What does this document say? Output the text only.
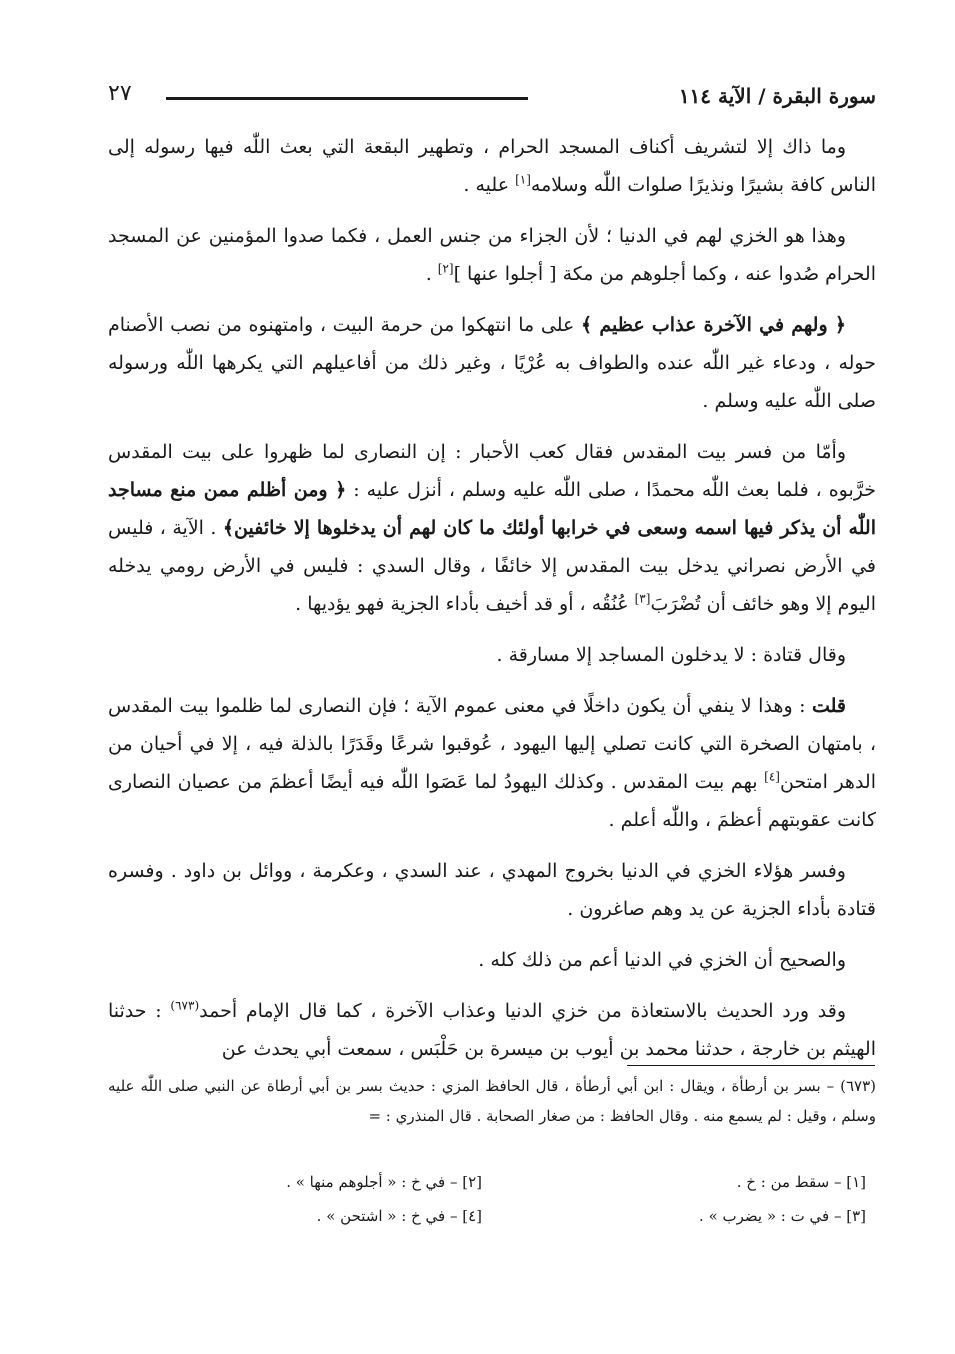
٢٧	سورة البقرة / الآية ١١٤

وما ذاك إلا لتشريف أكناف المسجد الحرام ، وتطهير البقعة التي بعث اللّٰه فيها رسوله إلى الناس كافة بشيرًا ونذيرًا صلوات اللّٰه وسلامه[١] عليه .

وهذا هو الخزي لهم في الدنيا ؛ لأن الجزاء من جنس العمل ، فكما صدوا المؤمنين عن المسجد الحرام صُدوا عنه ، وكما أجلوهم من مكة [ أجلوا عنها ][٢] .

﴿ ولهم في الآخرة عذاب عظيم ﴾ على ما انتهكوا من حرمة البيت ، وامتهنوه من نصب الأصنام حوله ، ودعاء غير اللّٰه عنده والطواف به عُرْيًا ، وغير ذلك من أفاعيلهم التي يكرهها اللّٰه ورسوله صلى اللّٰه عليه وسلم .

وأمّا من فسر بيت المقدس فقال كعب الأحبار : إن النصارى لما ظهروا على بيت المقدس خرَّبوه ، فلما بعث اللّٰه محمدًا ، صلى اللّٰه عليه وسلم ، أنزل عليه : ﴿ ومن أظلم ممن منع مساجد اللّٰه أن يذكر فيها اسمه وسعى في خرابها أولئك ما كان لهم أن يدخلوها إلا خائفين﴾ . الآية ، فليس في الأرض نصراني يدخل بيت المقدس إلا خائفًا ، وقال السدي : فليس في الأرض رومي يدخله اليوم إلا وهو خائف أن تُضْرَبَ[٣] عُنُقُه ، أو قد أخيف بأداء الجزية فهو يؤديها .

وقال قتادة : لا يدخلون المساجد إلا مسارقة .

قلت : وهذا لا ينفي أن يكون داخلًا في معنى عموم الآية ؛ فإن النصارى لما ظلموا بيت المقدس ، بامتهان الصخرة التي كانت تصلي إليها اليهود ، عُوقبوا شرعًا وقَدَرًا بالذلة فيه ، إلا في أحيان من الدهر امتحن[٤] بهم بيت المقدس . وكذلك اليهودُ لما عَصَوا اللّٰه فيه أيضًا أعظمَ من عصيان النصارى كانت عقوبتهم أعظمَ ، واللّٰه أعلم .

وفسر هؤلاء الخزي في الدنيا بخروج المهدي ، عند السدي ، وعكرمة ، ووائل بن داود . وفسره قتادة بأداء الجزية عن يد وهم صاغرون .

والصحيح أن الخزي في الدنيا أعم من ذلك كله .

وقد ورد الحديث بالاستعاذة من خزي الدنيا وعذاب الآخرة ، كما قال الإمام أحمد$^{(٦٧٣)}$ : حدثنا الهيثم بن خارجة ، حدثنا محمد بن أيوب بن ميسرة بن حَلْبَس ، سمعت أبي يحدث عن

(٦٧٣) – بسر بن أرطأة ، ويقال : ابن أبي أرطأة ، قال الحافظ المزي : حديث بسر بن أبي أرطاة عن النبي صلى اللّٰه عليه وسلم ، وقيل : لم يسمع منه . وقال الحافظ : من صغار الصحابة . قال المنذري : =

[١] – سقط من : خ .
[٢] – في خ : « أجلوهم منها » .
[٣] – في ت : « يضرب » .
[٤] – في خ : « اشتحن » .
